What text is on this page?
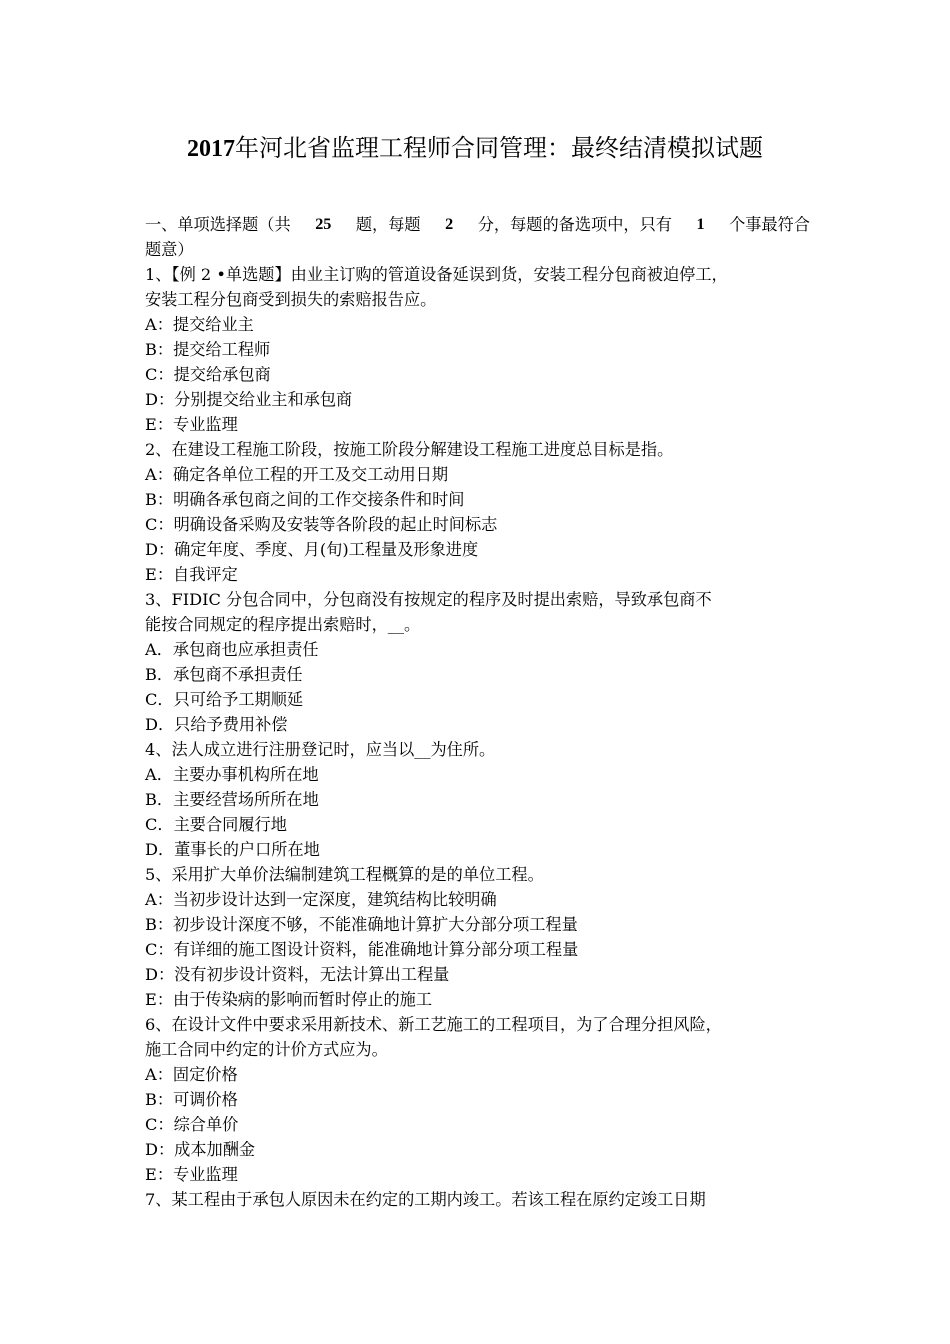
2017年河北省监理工程师合同管理：最终结清模拟试题
一、单项选择题（共 25 题，每题 2 分，每题的备选项中，只有 1 个事最符合
题意）
1、【例 2 •单选题】由业主订购的管道设备延误到货，安装工程分包商被迫停工，
安装工程分包商受到损失的索赔报告应。
A：提交给业主
B：提交给工程师
C：提交给承包商
D：分别提交给业主和承包商
E：专业监理
2、在建设工程施工阶段，按施工阶段分解建设工程施工进度总目标是指。
A：确定各单位工程的开工及交工动用日期
B：明确各承包商之间的工作交接条件和时间
C：明确设备采购及安装等各阶段的起止时间标志
D：确定年度、季度、月(旬)工程量及形象进度
E：自我评定
3、FIDIC 分包合同中，分包商没有按规定的程序及时提出索赔，导致承包商不
能按合同规定的程序提出索赔时，__。
A．承包商也应承担责任
B．承包商不承担责任
C．只可给予工期顺延
D．只给予费用补偿
4、法人成立进行注册登记时，应当以__为住所。
A．主要办事机构所在地
B．主要经营场所所在地
C．主要合同履行地
D．董事长的户口所在地
5、采用扩大单价法编制建筑工程概算的是的单位工程。
A：当初步设计达到一定深度，建筑结构比较明确
B：初步设计深度不够，不能准确地计算扩大分部分项工程量
C：有详细的施工图设计资料，能准确地计算分部分项工程量
D：没有初步设计资料，无法计算出工程量
E：由于传染病的影响而暂时停止的施工
6、在设计文件中要求采用新技术、新工艺施工的工程项目，为了合理分担风险，
施工合同中约定的计价方式应为。
A：固定价格
B：可调价格
C：综合单价
D：成本加酬金
E：专业监理
7、某工程由于承包人原因未在约定的工期内竣工。若该工程在原约定竣工日期
